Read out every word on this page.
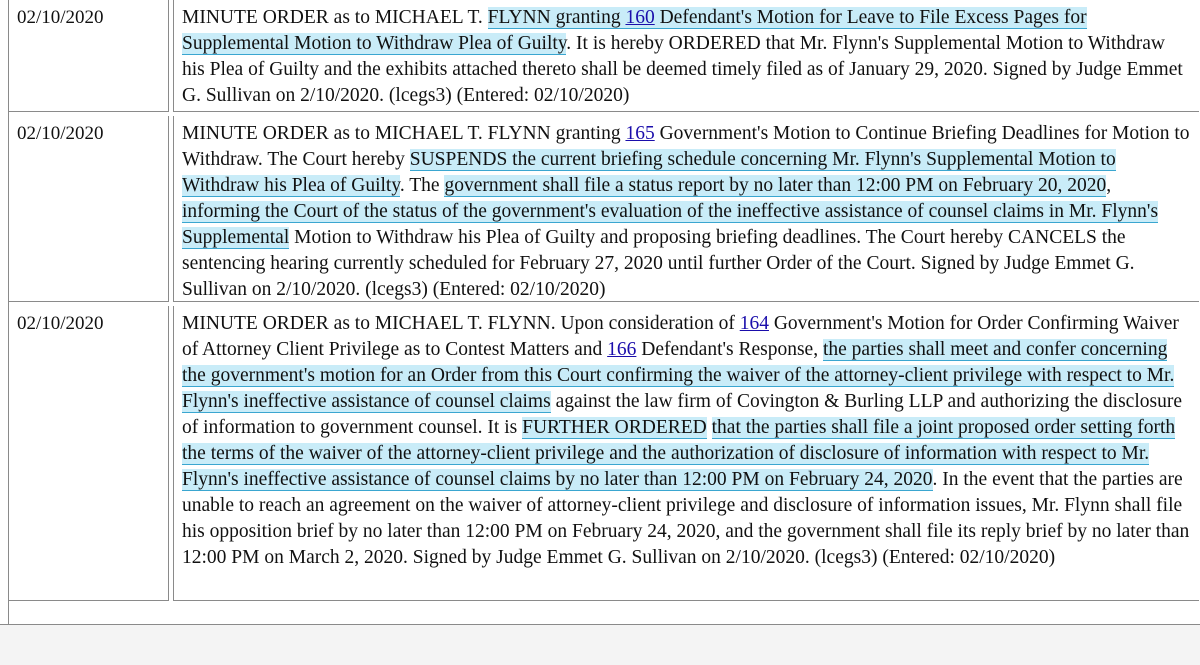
02/10/2020	MINUTE ORDER as to MICHAEL T. FLYNN granting 160 Defendant's Motion for Leave to File Excess Pages for Supplemental Motion to Withdraw Plea of Guilty. It is hereby ORDERED that Mr. Flynn's Supplemental Motion to Withdraw his Plea of Guilty and the exhibits attached thereto shall be deemed timely filed as of January 29, 2020. Signed by Judge Emmet G. Sullivan on 2/10/2020. (lcegs3) (Entered: 02/10/2020)
02/10/2020	MINUTE ORDER as to MICHAEL T. FLYNN granting 165 Government's Motion to Continue Briefing Deadlines for Motion to Withdraw. The Court hereby SUSPENDS the current briefing schedule concerning Mr. Flynn's Supplemental Motion to Withdraw his Plea of Guilty. The government shall file a status report by no later than 12:00 PM on February 20, 2020, informing the Court of the status of the government's evaluation of the ineffective assistance of counsel claims in Mr. Flynn's Supplemental Motion to Withdraw his Plea of Guilty and proposing briefing deadlines. The Court hereby CANCELS the sentencing hearing currently scheduled for February 27, 2020 until further Order of the Court. Signed by Judge Emmet G. Sullivan on 2/10/2020. (lcegs3) (Entered: 02/10/2020)
02/10/2020	MINUTE ORDER as to MICHAEL T. FLYNN. Upon consideration of 164 Government's Motion for Order Confirming Waiver of Attorney Client Privilege as to Contest Matters and 166 Defendant's Response, the parties shall meet and confer concerning the government's motion for an Order from this Court confirming the waiver of the attorney-client privilege with respect to Mr. Flynn's ineffective assistance of counsel claims against the law firm of Covington & Burling LLP and authorizing the disclosure of information to government counsel. It is FURTHER ORDERED that the parties shall file a joint proposed order setting forth the terms of the waiver of the attorney-client privilege and the authorization of disclosure of information with respect to Mr. Flynn's ineffective assistance of counsel claims by no later than 12:00 PM on February 24, 2020. In the event that the parties are unable to reach an agreement on the waiver of attorney-client privilege and disclosure of information issues, Mr. Flynn shall file his opposition brief by no later than 12:00 PM on February 24, 2020, and the government shall file its reply brief by no later than 12:00 PM on March 2, 2020. Signed by Judge Emmet G. Sullivan on 2/10/2020. (lcegs3) (Entered: 02/10/2020)
